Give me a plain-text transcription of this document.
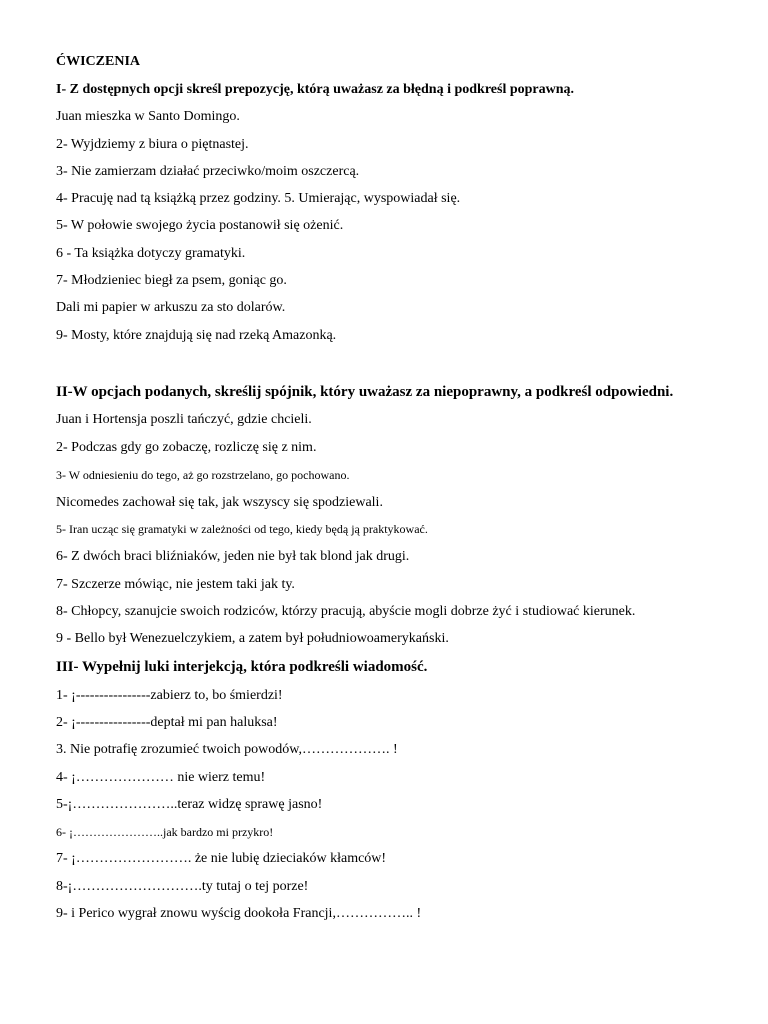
ĆWICZENIA
I- Z dostępnych opcji skreśl prepozycję, którą uważasz za błędną i podkreśl poprawną.
Juan mieszka w Santo Domingo.
2- Wyjdziemy z biura o piętnastej.
3- Nie zamierzam działać przeciwko/moim oszczercą.
4- Pracuję nad tą książką przez godziny. 5. Umierając, wyspowiadał się.
5- W połowie swojego życia postanowił się ożenić.
6 - Ta książka dotyczy gramatyki.
7- Młodzieniec biegł za psem, goniąc go.
Dali mi papier w arkuszu za sto dolarów.
9- Mosty, które znajdują się nad rzeką Amazonką.
II-W opcjach podanych, skreślij spójnik, który uważasz za niepoprawny, a podkreśl odpowiedni.
Juan i Hortensja poszli tańczyć, gdzie chcieli.
2- Podczas gdy go zobaczę, rozliczę się z nim.
3- W odniesieniu do tego, aż go rozstrzelano, go pochowano.
Nicomedes zachował się tak, jak wszyscy się spodziewali.
5- Iran ucząc się gramatyki w zależności od tego, kiedy będą ją praktykować.
6- Z dwóch braci bliźniaków, jeden nie był tak blond jak drugi.
7- Szczerze mówiąc, nie jestem taki jak ty.
8- Chłopcy, szanujcie swoich rodziców, którzy pracują, abyście mogli dobrze żyć i studiować kierunek.
9 - Bello był Wenezuelczykiem, a zatem był południowoamerykański.
III- Wypełnij luki interjekcją, która podkreśli wiadomość.
1- ¡----------------zabierz to, bo śmierdzi!
2- ¡----------------deptał mi pan haluksa!
3. Nie potrafię zrozumieć twoich powodów,………………. !
4- ¡………………… nie wierz temu!
5-¡…………………..teraz widzę sprawę jasno!
6- ¡…………………..jak bardzo mi przykro!
7- ¡……………………. że nie lubię dzieciaków kłamców!
8-¡……………………….ty tutaj o tej porze!
9- i Perico wygrał znowu wyścig dookoła Francji,…………….. !
